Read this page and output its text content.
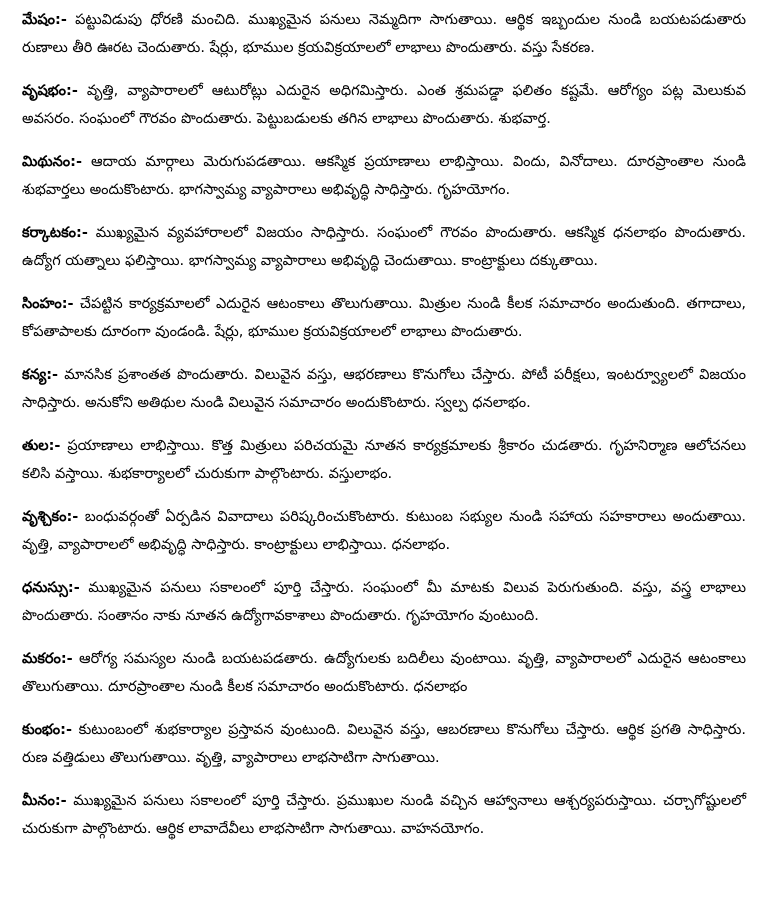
మేషం:- పట్టువిడుపు ధోరణి మంచిది. ముఖ్యమైన పనులు నెమ్మదిగా సాగుతాయి. ఆర్థిక ఇబ్బందుల నుండి బయటపడుతారు రుణాలు తీరి ఊరట చెందుతారు. షేర్లు, భూముల క్రయవిక్రయాలలో లాభాలు పొందుతారు. వస్తు సేకరణ.

వృషభం:- వృత్తి, వ్యాపారాలలో ఆటురోట్లు ఎదురైన అధిగమిస్తారు. ఎంత శ్రమపడ్డా ఫలితం కష్టమే. ఆరోగ్యం పట్ల మెలుకువ అవసరం. సంఘంలో గౌరవం పొందుతారు. పెట్టుబడులకు తగిన లాభాలు పొందుతారు. శుభవార్త.

మిథునం:- ఆదాయ మార్గాలు మెరుగుపడతాయి. ఆకస్మిక ప్రయాణాలు లాభిస్తాయి. విందు, వినోదాలు. దూరప్రాంతాల నుండి శుభవార్తలు అందుకొంటారు. భాగస్వామ్య వ్యాపారాలు అభివృద్ధి సాధిస్తారు. గృహయోగం.

కర్కాటకం:- ముఖ్యమైన వ్యవహారాలలో విజయం సాధిస్తారు. సంఘంలో గౌరవం పొందుతారు. ఆకస్మిక ధనలాభం పొందుతారు. ఉద్యోగ యత్నాలు ఫలిస్తాయి. భాగస్వామ్య వ్యాపారాలు అభివృద్ధి చెందుతాయి. కాంట్రాక్టులు దక్కుతాయి.

సింహం:- చేపట్టిన కార్యక్రమాలలో ఎదురైన ఆటంకాలు తొలుగుతాయి. మిత్రుల నుండి కీలక సమాచారం అందుతుంది. తగాదాలు, కోపతాపాలకు దూరంగా వుండండి. షేర్లు, భూముల క్రయవిక్రయాలలో లాభాలు పొందుతారు.

కన్య:- మానసిక ప్రశాంతత పొందుతారు. విలువైన వస్తు, ఆభరణాలు కొనుగోలు చేస్తారు. పోటీ పరీక్షలు, ఇంటర్వ్యూలలో విజయం సాధిస్తారు. అనుకోని అతిథుల నుండి విలువైన సమాచారం అందుకొంటారు. స్వల్ప ధనలాభం.

తుల:- ప్రయాణాలు లాభిస్తాయి. కొత్త మిత్రులు పరిచయమై నూతన కార్యక్రమాలకు శ్రీకారం చుడతారు. గృహనిర్మాణ ఆలోచనలు కలిసి వస్తాయి. శుభకార్యాలలో చురుకుగా పాల్గొంటారు. వస్తులాభం.

వృశ్చికం:- బంధువర్గంతో ఏర్పడిన వివాదాలు పరిష్కరించుకొంటారు. కుటుంబ సభ్యుల నుండి సహాయ సహకారాలు అందుతాయి. వృత్తి, వ్యాపారాలలో అభివృద్ధి సాధిస్తారు. కాంట్రాక్టులు లాభిస్తాయి. ధనలాభం.

ధనుస్సు:- ముఖ్యమైన పనులు సకాలంలో పూర్తి చేస్తారు. సంఘంలో మీ మాటకు విలువ పెరుగుతుంది. వస్తు, వస్త్ర లాభాలు పొందుతారు. సంతానం నాకు నూతన ఉద్యోగావకాశాలు పొందుతారు. గృహయోగం వుంటుంది.

మకరం:- ఆరోగ్య సమస్యల నుండి బయటపడతారు. ఉద్యోగులకు బదిలీలు వుంటాయి. వృత్తి, వ్యాపారాలలో ఎదురైన ఆటంకాలు తొలుగుతాయి. దూరప్రాంతాల నుండి కీలక సమాచారం అందుకొంటారు. ధనలాభం

కుంభం:- కుటుంబంలో శుభకార్యాల ప్రస్తావన వుంటుంది. విలువైన వస్తు, ఆబరణాలు కొనుగోలు చేస్తారు. ఆర్థిక ప్రగతి సాధిస్తారు. రుణ వత్తిడులు తొలుగుతాయి. వృత్తి, వ్యాపారాలు లాభసాటిగా సాగుతాయి.

మీనం:- ముఖ్యమైన పనులు సకాలంలో పూర్తి చేస్తారు. ప్రముఖుల నుండి వచ్చిన ఆహ్వానాలు ఆశ్చర్యపరుస్తాయి. చర్చాగోష్టులలో చురుకుగా పాల్గొంటారు. ఆర్థిక లావాదేవీలు లాభసాటిగా సాగుతాయి. వాహనయోగం.
